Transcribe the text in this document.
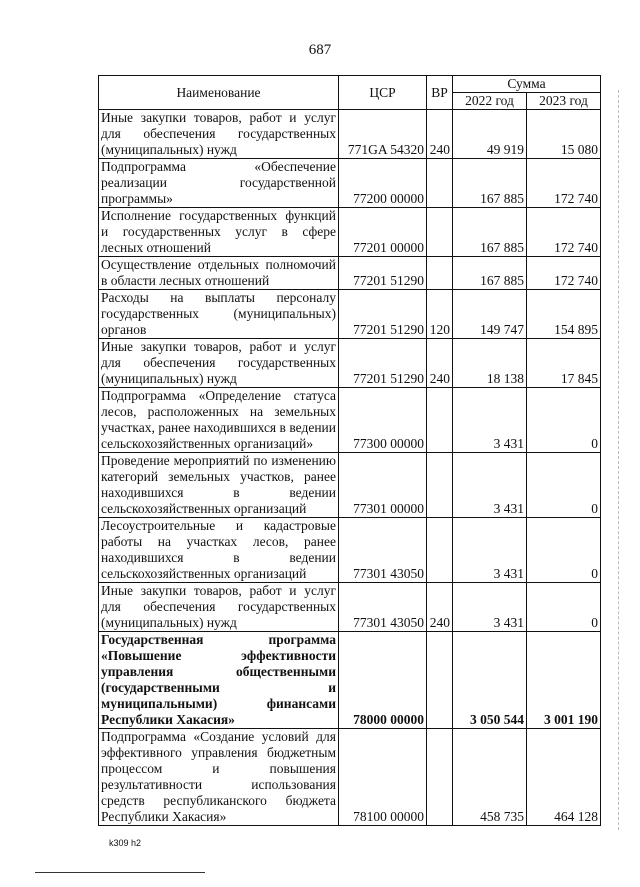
687
Наименование	ЦСР	ВР	Сумма	
			2022 год	2023 год
Иные закупки товаров, работ и услуг для обеспечения государственных (муниципальных) нужд	771GA 54320	240	49 919	15 080
Подпрограмма «Обеспечение реализации государственной программы»	77200 00000		167 885	172 740
Исполнение государственных функций и государственных услуг в сфере лесных отношений	77201 00000		167 885	172 740
Осуществление отдельных полномочий в области лесных отношений	77201 51290		167 885	172 740
Расходы на выплаты персоналу государственных (муниципальных) органов	77201 51290	120	149 747	154 895
Иные закупки товаров, работ и услуг для обеспечения государственных (муниципальных) нужд	77201 51290	240	18 138	17 845
Подпрограмма «Определение статуса лесов, расположенных на земельных участках, ранее находившихся в ведении сельскохозяйственных организаций»	77300 00000		3 431	0
Проведение мероприятий по изменению категорий земельных участков, ранее находившихся в ведении сельскохозяйственных организаций	77301 00000		3 431	0
Лесоустроительные и кадастровые работы на участках лесов, ранее находившихся в ведении сельскохозяйственных организаций	77301 43050		3 431	0
Иные закупки товаров, работ и услуг для обеспечения государственных (муниципальных) нужд	77301 43050	240	3 431	0
Государственная программа «Повышение эффективности управления общественными (государственными и муниципальными) финансами Республики Хакасия»	78000 00000		3 050 544	3 001 190
Подпрограмма «Создание условий для эффективного управления бюджетным процессом и повышения результативности использования средств республиканского бюджета Республики Хакасия»	78100 00000		458 735	464 128
k309 h2
